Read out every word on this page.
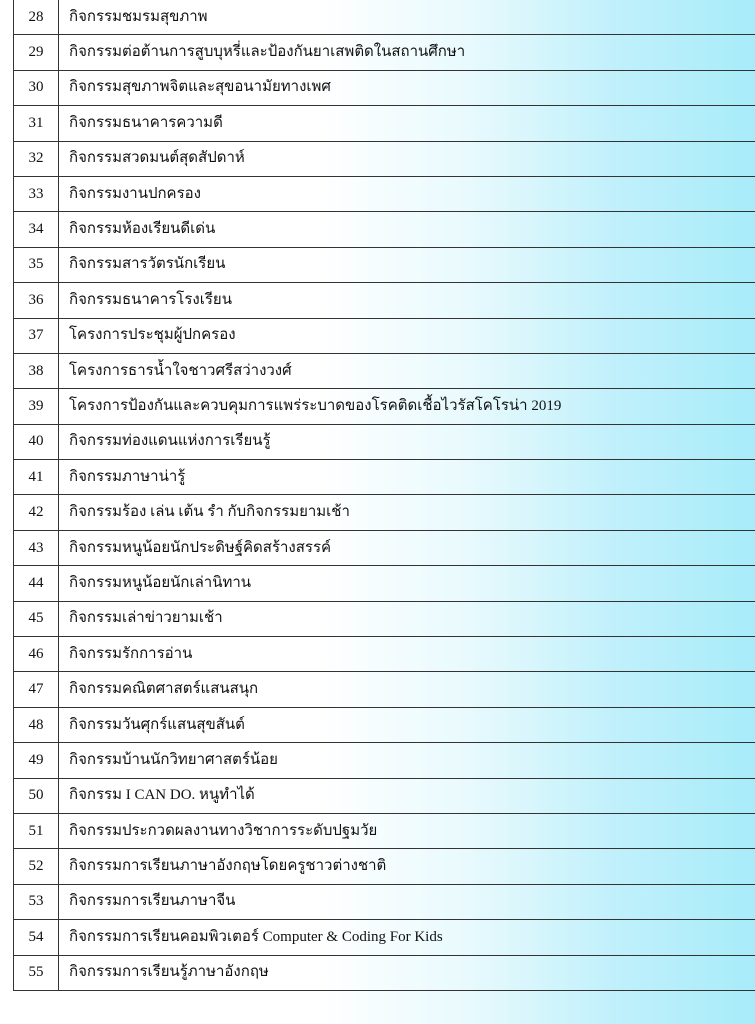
28	กิจกรรมชมรมสุขภาพ
29	กิจกรรมต่อต้านการสูบบุหรี่และป้องกันยาเสพติดในสถานศึกษา
30	กิจกรรมสุขภาพจิตและสุขอนามัยทางเพศ
31	กิจกรรมธนาคารความดี
32	กิจกรรมสวดมนต์สุดสัปดาห์
33	กิจกรรมงานปกครอง
34	กิจกรรมห้องเรียนดีเด่น
35	กิจกรรมสารวัตรนักเรียน
36	กิจกรรมธนาคารโรงเรียน
37	โครงการประชุมผู้ปกครอง
38	โครงการธารน้ำใจชาวศรีสว่างวงศ์
39	โครงการป้องกันและควบคุมการแพร่ระบาดของโรคติดเชื้อไวรัสโคโรน่า 2019
40	กิจกรรมท่องแดนแห่งการเรียนรู้
41	กิจกรรมภาษาน่ารู้
42	กิจกรรมร้อง เล่น เต้น รำ กับกิจกรรมยามเช้า
43	กิจกรรมหนูน้อยนักประดิษฐ์คิดสร้างสรรค์
44	กิจกรรมหนูน้อยนักเล่านิทาน
45	กิจกรรมเล่าข่าวยามเช้า
46	กิจกรรมรักการอ่าน
47	กิจกรรมคณิตศาสตร์แสนสนุก
48	กิจกรรมวันศุกร์แสนสุขสันต์
49	กิจกรรมบ้านนักวิทยาศาสตร์น้อย
50	กิจกรรม I CAN DO. หนูทำได้
51	กิจกรรมประกวดผลงานทางวิชาการระดับปฐมวัย
52	กิจกรรมการเรียนภาษาอังกฤษโดยครูชาวต่างชาติ
53	กิจกรรมการเรียนภาษาจีน
54	กิจกรรมการเรียนคอมพิวเตอร์ Computer & Coding For Kids
55	กิจกรรมการเรียนรู้ภาษาอังกฤษ
